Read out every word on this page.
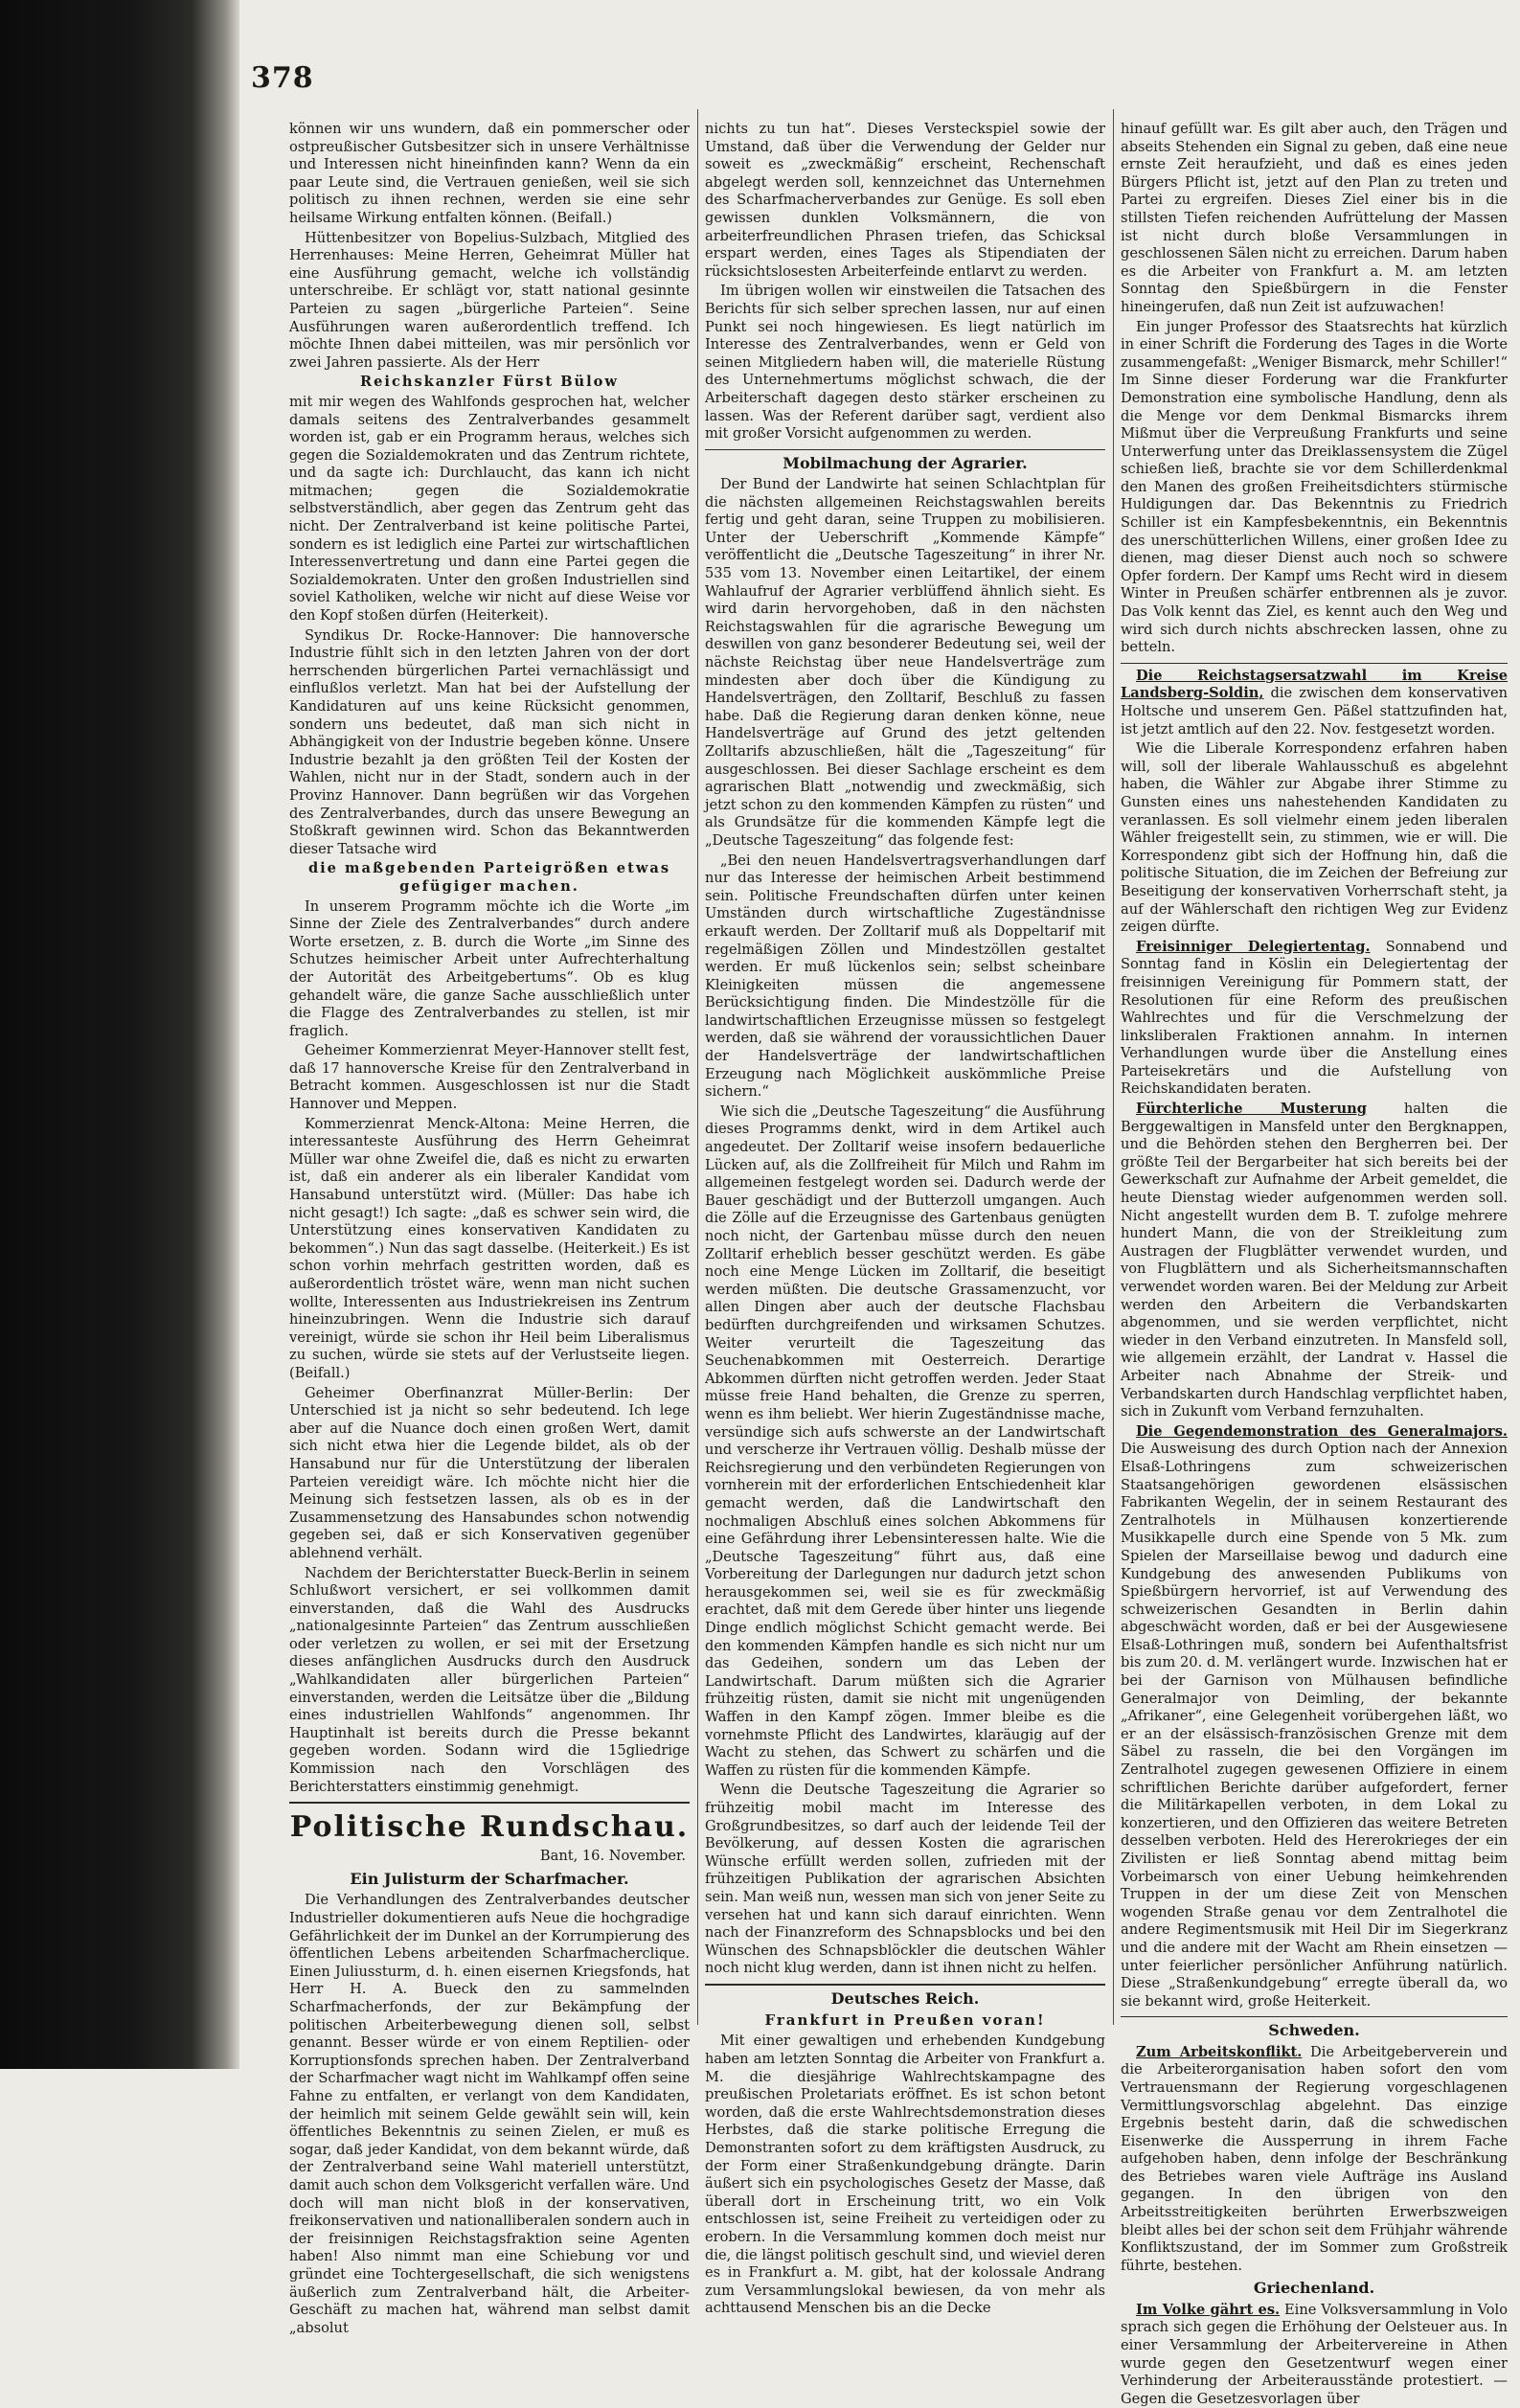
378

können wir uns wundern, daß ein pommerscher oder ostpreußischer Gutsbesitzer sich in unsere Verhältnisse und Interessen nicht hineinfinden kann? Wenn da ein paar Leute sind, die Vertrauen genießen, weil sie sich politisch zu ihnen rechnen, werden sie eine sehr heilsame Wirkung entfalten können. (Beifall.)

Hüttenbesitzer von Bopelius-Sulzbach, Mitglied des Herrenhauses: Meine Herren, Geheimrat Müller hat eine Ausführung gemacht, welche ich vollständig unterschreibe. Er schlägt vor, statt national gesinnte Parteien zu sagen „bürgerliche Parteien“. Seine Ausführungen waren außerordentlich treffend. Ich möchte Ihnen dabei mitteilen, was mir persönlich vor zwei Jahren passierte. Als der Herr

Reichskanzler Fürst Bülow

mit mir wegen des Wahlfonds gesprochen hat, welcher damals seitens des Zentralverbandes gesammelt worden ist, gab er ein Programm heraus, welches sich gegen die Sozialdemokraten und das Zentrum richtete, und da sagte ich: Durchlaucht, das kann ich nicht mitmachen; gegen die Sozialdemokratie selbstverständlich, aber gegen das Zentrum geht das nicht. Der Zentralverband ist keine politische Partei, sondern es ist lediglich eine Partei zur wirtschaftlichen Interessenvertretung und dann eine Partei gegen die Sozialdemokraten. Unter den großen Industriellen sind soviel Katholiken, welche wir nicht auf diese Weise vor den Kopf stoßen dürfen (Heiterkeit).

Syndikus Dr. Rocke-Hannover: Die hannoversche Industrie fühlt sich in den letzten Jahren von der dort herrschenden bürgerlichen Partei vernachlässigt und einflußlos verletzt. Man hat bei der Aufstellung der Kandidaturen auf uns keine Rücksicht genommen, sondern uns bedeutet, daß man sich nicht in Abhängigkeit von der Industrie begeben könne. Unsere Industrie bezahlt ja den größten Teil der Kosten der Wahlen, nicht nur in der Stadt, sondern auch in der Provinz Hannover. Dann begrüßen wir das Vorgehen des Zentralverbandes, durch das unsere Bewegung an Stoßkraft gewinnen wird. Schon das Bekanntwerden dieser Tatsache wird

die maßgebenden Parteigrößen etwas gefügiger machen.

In unserem Programm möchte ich die Worte „im Sinne der Ziele des Zentralverbandes“ durch andere Worte ersetzen, z. B. durch die Worte „im Sinne des Schutzes heimischer Arbeit unter Aufrechterhaltung der Autorität des Arbeitgebertums“. Ob es klug gehandelt wäre, die ganze Sache ausschließlich unter die Flagge des Zentralverbandes zu stellen, ist mir fraglich.

Geheimer Kommerzienrat Meyer-Hannover stellt fest, daß 17 hannoversche Kreise für den Zentralverband in Betracht kommen. Ausgeschlossen ist nur die Stadt Hannover und Meppen.

Kommerzienrat Menck-Altona: Meine Herren, die interessanteste Ausführung des Herrn Geheimrat Müller war ohne Zweifel die, daß es nicht zu erwarten ist, daß ein anderer als ein liberaler Kandidat vom Hansabund unterstützt wird. (Müller: Das habe ich nicht gesagt!) Ich sagte: „daß es schwer sein wird, die Unterstützung eines konservativen Kandidaten zu bekommen“.) Nun das sagt dasselbe. (Heiterkeit.) Es ist schon vorhin mehrfach gestritten worden, daß es außerordentlich tröstet wäre, wenn man nicht suchen wollte, Interessenten aus Industriekreisen ins Zentrum hineinzubringen. Wenn die Industrie sich darauf vereinigt, würde sie schon ihr Heil beim Liberalismus zu suchen, würde sie stets auf der Verlustseite liegen. (Beifall.)

Geheimer Oberfinanzrat Müller-Berlin: Der Unterschied ist ja nicht so sehr bedeutend. Ich lege aber auf die Nuance doch einen großen Wert, damit sich nicht etwa hier die Legende bildet, als ob der Hansabund nur für die Unterstützung der liberalen Parteien vereidigt wäre. Ich möchte nicht hier die Meinung sich festsetzen lassen, als ob es in der Zusammensetzung des Hansabundes schon notwendig gegeben sei, daß er sich Konservativen gegenüber ablehnend verhält.

Nachdem der Berichterstatter Bueck-Berlin in seinem Schlußwort versichert, er sei vollkommen damit einverstanden, daß die Wahl des Ausdrucks „nationalgesinnte Parteien“ das Zentrum ausschließen oder verletzen zu wollen, er sei mit der Ersetzung dieses anfänglichen Ausdrucks durch den Ausdruck „Wahlkandidaten aller bürgerlichen Parteien“ einverstanden, werden die Leitsätze über die „Bildung eines industriellen Wahlfonds“ angenommen. Ihr Hauptinhalt ist bereits durch die Presse bekannt gegeben worden. Sodann wird die 15gliedrige Kommission nach den Vorschlägen des Berichterstatters einstimmig genehmigt.

Politische Rundschau.
Bant, 16. November.
Ein Julisturm der Scharfmacher.

Die Verhandlungen des Zentralverbandes deutscher Industrieller dokumentieren aufs Neue die hochgradige Gefährlichkeit der im Dunkel an der Korrumpierung des öffentlichen Lebens arbeitenden Scharfmacherclique. Einen Juliussturm, d. h. einen eisernen Kriegsfonds, hat Herr H. A. Bueck den zu sammelnden Scharfmacherfonds, der zur Bekämpfung der politischen Arbeiterbewegung dienen soll, selbst genannt. Besser würde er von einem Reptilien- oder Korruptionsfonds sprechen haben. Der Zentralverband der Scharfmacher wagt nicht im Wahlkampf offen seine Fahne zu entfalten, er verlangt von dem Kandidaten, der heimlich mit seinem Gelde gewählt sein will, kein öffentliches Bekenntnis zu seinen Zielen, er muß es sogar, daß jeder Kandidat, von dem bekannt würde, daß der Zentralverband seine Wahl materiell unterstützt, damit auch schon dem Volksgericht verfallen wäre. Und doch will man nicht bloß in der konservativen, freikonservativen und nationalliberalen sondern auch in der freisinnigen Reichstagsfraktion seine Agenten haben! Also nimmt man eine Schiebung vor und gründet eine Tochtergesellschaft, die sich wenigstens äußerlich zum Zentralverband hält, die Arbeiter-Geschäft zu machen hat, während man selbst damit „absolut

nichts zu tun hat“. Dieses Versteckspiel sowie der Umstand, daß über die Verwendung der Gelder nur soweit es „zweckmäßig“ erscheint, Rechenschaft abgelegt werden soll, kennzeichnet das Unternehmen des Scharfmacherverbandes zur Genüge. Es soll eben gewissen dunklen Volksmännern, die von arbeiterfreundlichen Phrasen triefen, das Schicksal erspart werden, eines Tages als Stipendiaten der rücksichtslosesten Arbeiterfeinde entlarvt zu werden.

Im übrigen wollen wir einstweilen die Tatsachen des Berichts für sich selber sprechen lassen, nur auf einen Punkt sei noch hingewiesen. Es liegt natürlich im Interesse des Zentralverbandes, wenn er Geld von seinen Mitgliedern haben will, die materielle Rüstung des Unternehmertums möglichst schwach, die der Arbeiterschaft dagegen desto stärker erscheinen zu lassen. Was der Referent darüber sagt, verdient also mit großer Vorsicht aufgenommen zu werden.

Mobilmachung der Agrarier.

Der Bund der Landwirte hat seinen Schlachtplan für die nächsten allgemeinen Reichstagswahlen bereits fertig und geht daran, seine Truppen zu mobilisieren. Unter der Ueberschrift „Kommende Kämpfe“ veröffentlicht die „Deutsche Tageszeitung“ in ihrer Nr. 535 vom 13. November einen Leitartikel, der einem Wahlaufruf der Agrarier verblüffend ähnlich sieht. Es wird darin hervorgehoben, daß in den nächsten Reichstagswahlen für die agrarische Bewegung um deswillen von ganz besonderer Bedeutung sei, weil der nächste Reichstag über neue Handelsverträge zum mindesten aber doch über die Kündigung zu Handelsverträgen, den Zolltarif, Beschluß zu fassen habe. Daß die Regierung daran denken könne, neue Handelsverträge auf Grund des jetzt geltenden Zolltarifs abzuschließen, hält die „Tageszeitung“ für ausgeschlossen. Bei dieser Sachlage erscheint es dem agrarischen Blatt „notwendig und zweckmäßig, sich jetzt schon zu den kommenden Kämpfen zu rüsten“ und als Grundsätze für die kommenden Kämpfe legt die „Deutsche Tageszeitung“ das folgende fest:

„Bei den neuen Handelsvertragsverhandlungen darf nur das Interesse der heimischen Arbeit bestimmend sein. Politische Freundschaften dürfen unter keinen Umständen durch wirtschaftliche Zugeständnisse erkauft werden. Der Zolltarif muß als Doppeltarif mit regelmäßigen Zöllen und Mindestzöllen gestaltet werden. Er muß lückenlos sein; selbst scheinbare Kleinigkeiten müssen die angemessene Berücksichtigung finden. Die Mindestzölle für die landwirtschaftlichen Erzeugnisse müssen so festgelegt werden, daß sie während der voraussichtlichen Dauer der Handelsverträge der landwirtschaftlichen Erzeugung nach Möglichkeit auskömmliche Preise sichern.“

Wie sich die „Deutsche Tageszeitung“ die Ausführung dieses Programms denkt, wird in dem Artikel auch angedeutet. Der Zolltarif weise insofern bedauerliche Lücken auf, als die Zollfreiheit für Milch und Rahm im allgemeinen festgelegt worden sei. Dadurch werde der Bauer geschädigt und der Butterzoll umgangen. Auch die Zölle auf die Erzeugnisse des Gartenbaus genügten noch nicht, der Gartenbau müsse durch den neuen Zolltarif erheblich besser geschützt werden. Es gäbe noch eine Menge Lücken im Zolltarif, die beseitigt werden müßten. Die deutsche Grassamenzucht, vor allen Dingen aber auch der deutsche Flachsbau bedürften durchgreifenden und wirksamen Schutzes. Weiter verurteilt die Tageszeitung das Seuchenabkommen mit Oesterreich. Derartige Abkommen dürften nicht getroffen werden. Jeder Staat müsse freie Hand behalten, die Grenze zu sperren, wenn es ihm beliebt. Wer hierin Zugeständnisse mache, versündige sich aufs schwerste an der Landwirtschaft und verscherze ihr Vertrauen völlig. Deshalb müsse der Reichsregierung und den verbündeten Regierungen von vornherein mit der erforderlichen Entschiedenheit klar gemacht werden, daß die Landwirtschaft den nochmaligen Abschluß eines solchen Abkommens für eine Gefährdung ihrer Lebensinteressen halte. Wie die „Deutsche Tageszeitung“ führt aus, daß eine Vorbereitung der Darlegungen nur dadurch jetzt schon herausgekommen sei, weil sie es für zweckmäßig erachtet, daß mit dem Gerede über hinter uns liegende Dinge endlich möglichst Schicht gemacht werde. Bei den kommenden Kämpfen handle es sich nicht nur um das Gedeihen, sondern um das Leben der Landwirtschaft. Darum müßten sich die Agrarier frühzeitig rüsten, damit sie nicht mit ungenügenden Waffen in den Kampf zögen. Immer bleibe es die vornehmste Pflicht des Landwirtes, klaräugig auf der Wacht zu stehen, das Schwert zu schärfen und die Waffen zu rüsten für die kommenden Kämpfe.

Wenn die Deutsche Tageszeitung die Agrarier so frühzeitig mobil macht im Interesse des Großgrundbesitzes, so darf auch der leidende Teil der Bevölkerung, auf dessen Kosten die agrarischen Wünsche erfüllt werden sollen, zufrieden mit der frühzeitigen Publikation der agrarischen Absichten sein. Man weiß nun, wessen man sich von jener Seite zu versehen hat und kann sich darauf einrichten. Wenn nach der Finanzreform des Schnapsblocks und bei den Wünschen des Schnapsblöckler die deutschen Wähler noch nicht klug werden, dann ist ihnen nicht zu helfen.

Deutsches Reich.
Frankfurt in Preußen voran!

Mit einer gewaltigen und erhebenden Kundgebung haben am letzten Sonntag die Arbeiter von Frankfurt a. M. die diesjährige Wahlrechtskampagne des preußischen Proletariats eröffnet. Es ist schon betont worden, daß die erste Wahlrechtsdemonstration dieses Herbstes, daß die starke politische Erregung die Demonstranten sofort zu dem kräftigsten Ausdruck, zu der Form einer Straßenkundgebung drängte. Darin äußert sich ein psychologisches Gesetz der Masse, daß überall dort in Erscheinung tritt, wo ein Volk entschlossen ist, seine Freiheit zu verteidigen oder zu erobern. In die Versammlung kommen doch meist nur die, die längst politisch geschult sind, und wieviel deren es in Frankfurt a. M. gibt, hat der kolossale Andrang zum Versammlungslokal bewiesen, da von mehr als achttausend Menschen bis an die Decke

hinauf gefüllt war. Es gilt aber auch, den Trägen und abseits Stehenden ein Signal zu geben, daß eine neue ernste Zeit heraufzieht, und daß es eines jeden Bürgers Pflicht ist, jetzt auf den Plan zu treten und Partei zu ergreifen. Dieses Ziel einer bis in die stillsten Tiefen reichenden Aufrüttelung der Massen ist nicht durch bloße Versammlungen in geschlossenen Sälen nicht zu erreichen. Darum haben es die Arbeiter von Frankfurt a. M. am letzten Sonntag den Spießbürgern in die Fenster hineingerufen, daß nun Zeit ist aufzuwachen!

Ein junger Professor des Staatsrechts hat kürzlich in einer Schrift die Forderung des Tages in die Worte zusammengefaßt: „Weniger Bismarck, mehr Schiller!“ Im Sinne dieser Forderung war die Frankfurter Demonstration eine symbolische Handlung, denn als die Menge vor dem Denkmal Bismarcks ihrem Mißmut über die Verpreußung Frankfurts und seine Unterwerfung unter das Dreiklassensystem die Zügel schießen ließ, brachte sie vor dem Schillerdenkmal den Manen des großen Freiheitsdichters stürmische Huldigungen dar. Das Bekenntnis zu Friedrich Schiller ist ein Kampfesbekenntnis, ein Bekenntnis des unerschütterlichen Willens, einer großen Idee zu dienen, mag dieser Dienst auch noch so schwere Opfer fordern. Der Kampf ums Recht wird in diesem Winter in Preußen schärfer entbrennen als je zuvor. Das Volk kennt das Ziel, es kennt auch den Weg und wird sich durch nichts abschrecken lassen, ohne zu betteln.

Die Reichstagsersatzwahl im Kreise Landsberg-Soldin, die zwischen dem konservativen Holtsche und unserem Gen. Päßel stattzufinden hat, ist jetzt amtlich auf den 22. Nov. festgesetzt worden.

Wie die Liberale Korrespondenz erfahren haben will, soll der liberale Wahlausschuß es abgelehnt haben, die Wähler zur Abgabe ihrer Stimme zu Gunsten eines uns nahestehenden Kandidaten zu veranlassen. Es soll vielmehr einem jeden liberalen Wähler freigestellt sein, zu stimmen, wie er will. Die Korrespondenz gibt sich der Hoffnung hin, daß die politische Situation, die im Zeichen der Befreiung zur Beseitigung der konservativen Vorherrschaft steht, ja auf der Wählerschaft den richtigen Weg zur Evidenz zeigen dürfte.

Freisinniger Delegiertentag. Sonnabend und Sonntag fand in Köslin ein Delegiertentag der freisinnigen Vereinigung für Pommern statt, der Resolutionen für eine Reform des preußischen Wahlrechtes und für die Verschmelzung der linksliberalen Fraktionen annahm. In internen Verhandlungen wurde über die Anstellung eines Parteisekretärs und die Aufstellung von Reichskandidaten beraten.

Fürchterliche Musterung	halten die Berggewaltigen in Mansfeld unter den Bergknappen, und die Behörden stehen den Bergherren bei. Der größte Teil der Bergarbeiter hat sich bereits bei der Gewerkschaft zur Aufnahme der Arbeit gemeldet, die heute Dienstag wieder aufgenommen werden soll. Nicht angestellt wurden dem B. T. zufolge mehrere hundert Mann, die von der Streikleitung zum Austragen der Flugblätter verwendet wurden, und von Flugblättern und als Sicherheitsmannschaften verwendet worden waren. Bei der Meldung zur Arbeit werden den Arbeitern die Verbandskarten abgenommen, und sie werden verpflichtet, nicht wieder in den Verband einzutreten. In Mansfeld soll, wie allgemein erzählt, der Landrat v. Hassel die Arbeiter nach Abnahme der Streik- und Verbandskarten durch Handschlag verpflichtet haben, sich in Zukunft vom Verband fernzuhalten.

Die Gegendemonstration des Generalmajors. Die Ausweisung des durch Option nach der Annexion Elsaß-Lothringens zum schweizerischen Staatsangehörigen gewordenen elsässischen Fabrikanten Wegelin, der in seinem Restaurant des Zentralhotels in Mülhausen konzertierende Musikkapelle durch eine Spende von 5 Mk. zum Spielen der Marseillaise bewog und dadurch eine Kundgebung des anwesenden Publikums von Spießbürgern hervorrief, ist auf Verwendung des schweizerischen Gesandten in Berlin dahin abgeschwächt worden, daß er bei der Ausgewiesene Elsaß-Lothringen muß, sondern bei Aufenthaltsfrist bis zum 20. d. M. verlängert wurde. Inzwischen hat er bei der Garnison von Mülhausen befindliche Generalmajor von Deimling, der bekannte „Afrikaner“, eine Gelegenheit vorübergehen läßt, wo er an der elsässisch-französischen Grenze mit dem Säbel zu rasseln, die bei den Vorgängen im Zentralhotel zugegen gewesenen Offiziere in einem schriftlichen Berichte darüber aufgefordert, ferner die Militärkapellen verboten, in dem Lokal zu konzertieren, und den Offizieren das weitere Betreten desselben verboten. Held des Hererokrieges der ein Zivilisten er ließ Sonntag abend mittag beim Vorbeimarsch von einer Uebung heimkehrenden Truppen in der um diese Zeit von Menschen wogenden Straße genau vor dem Zentralhotel die andere Regimentsmusik mit Heil Dir im Siegerkranz und die andere mit der Wacht am Rhein einsetzen — unter feierlicher persönlicher Anführung natürlich. Diese „Straßenkundgebung“ erregte überall da, wo sie bekannt wird, große Heiterkeit.

Schweden.

Zum Arbeitskonflikt. Die Arbeitgeberverein und die Arbeiterorganisation haben sofort den vom Vertrauensmann der Regierung vorgeschlagenen Vermittlungsvorschlag abgelehnt. Das einzige Ergebnis besteht darin, daß die schwedischen Eisenwerke die Aussperrung in ihrem Fache aufgehoben haben, denn infolge der Beschränkung des Betriebes waren viele Aufträge ins Ausland gegangen. In den übrigen von den Arbeitsstreitigkeiten berührten Erwerbszweigen bleibt alles bei der schon seit dem Frühjahr währende Konfliktszustand, der im Sommer zum Großstreik führte, bestehen.

Griechenland.

Im Volke gährt es. Eine Volksversammlung in Volo sprach sich gegen die Erhöhung der Oelsteuer aus. In einer Versammlung der Arbeitervereine in Athen wurde gegen den Gesetzentwurf wegen einer Verhinderung der Arbeiterausstände protestiert. — Gegen die Gesetzesvorlagen über
